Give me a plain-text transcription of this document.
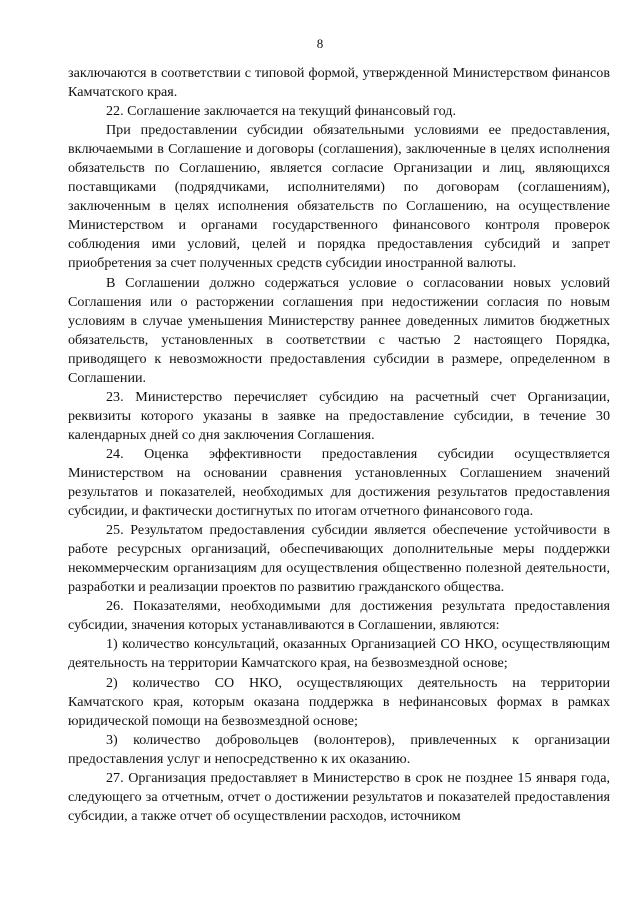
8

заключаются в соответствии с типовой формой, утвержденной Министерством финансов Камчатского края.

22. Соглашение заключается на текущий финансовый год.

При предоставлении субсидии обязательными условиями ее предоставления, включаемыми в Соглашение и договоры (соглашения), заключенные в целях исполнения обязательств по Соглашению, является согласие Организации и лиц, являющихся поставщиками (подрядчиками, исполнителями) по договорам (соглашениям), заключенным в целях исполнения обязательств по Соглашению, на осуществление Министерством и органами государственного финансового контроля проверок соблюдения ими условий, целей и порядка предоставления субсидий и запрет приобретения за счет полученных средств субсидии иностранной валюты.

В Соглашении должно содержаться условие о согласовании новых условий Соглашения или о расторжении соглашения при недостижении согласия по новым условиям в случае уменьшения Министерству раннее доведенных лимитов бюджетных обязательств, установленных в соответствии с частью 2 настоящего Порядка, приводящего к невозможности предоставления субсидии в размере, определенном в Соглашении.

23. Министерство перечисляет субсидию на расчетный счет Организации, реквизиты которого указаны в заявке на предоставление субсидии, в течение 30 календарных дней со дня заключения Соглашения.

24. Оценка эффективности предоставления субсидии осуществляется Министерством на основании сравнения установленных Соглашением значений результатов и показателей, необходимых для достижения результатов предоставления субсидии, и фактически достигнутых по итогам отчетного финансового года.

25. Результатом предоставления субсидии является обеспечение устойчивости в работе ресурсных организаций, обеспечивающих дополнительные меры поддержки некоммерческим организациям для осуществления общественно полезной деятельности, разработки и реализации проектов по развитию гражданского общества.

26. Показателями, необходимыми для достижения результата предоставления субсидии, значения которых устанавливаются в Соглашении, являются:

1) количество консультаций, оказанных Организацией СО НКО, осуществляющим деятельность на территории Камчатского края, на безвозмездной основе;

2) количество СО НКО, осуществляющих деятельность на территории Камчатского края, которым оказана поддержка в нефинансовых формах в рамках юридической помощи на безвозмездной основе;

3) количество добровольцев (волонтеров), привлеченных к организации предоставления услуг и непосредственно к их оказанию.

27. Организация предоставляет в Министерство в срок не позднее 15 января года, следующего за отчетным, отчет о достижении результатов и показателей предоставления субсидии, а также отчет об осуществлении расходов, источником
